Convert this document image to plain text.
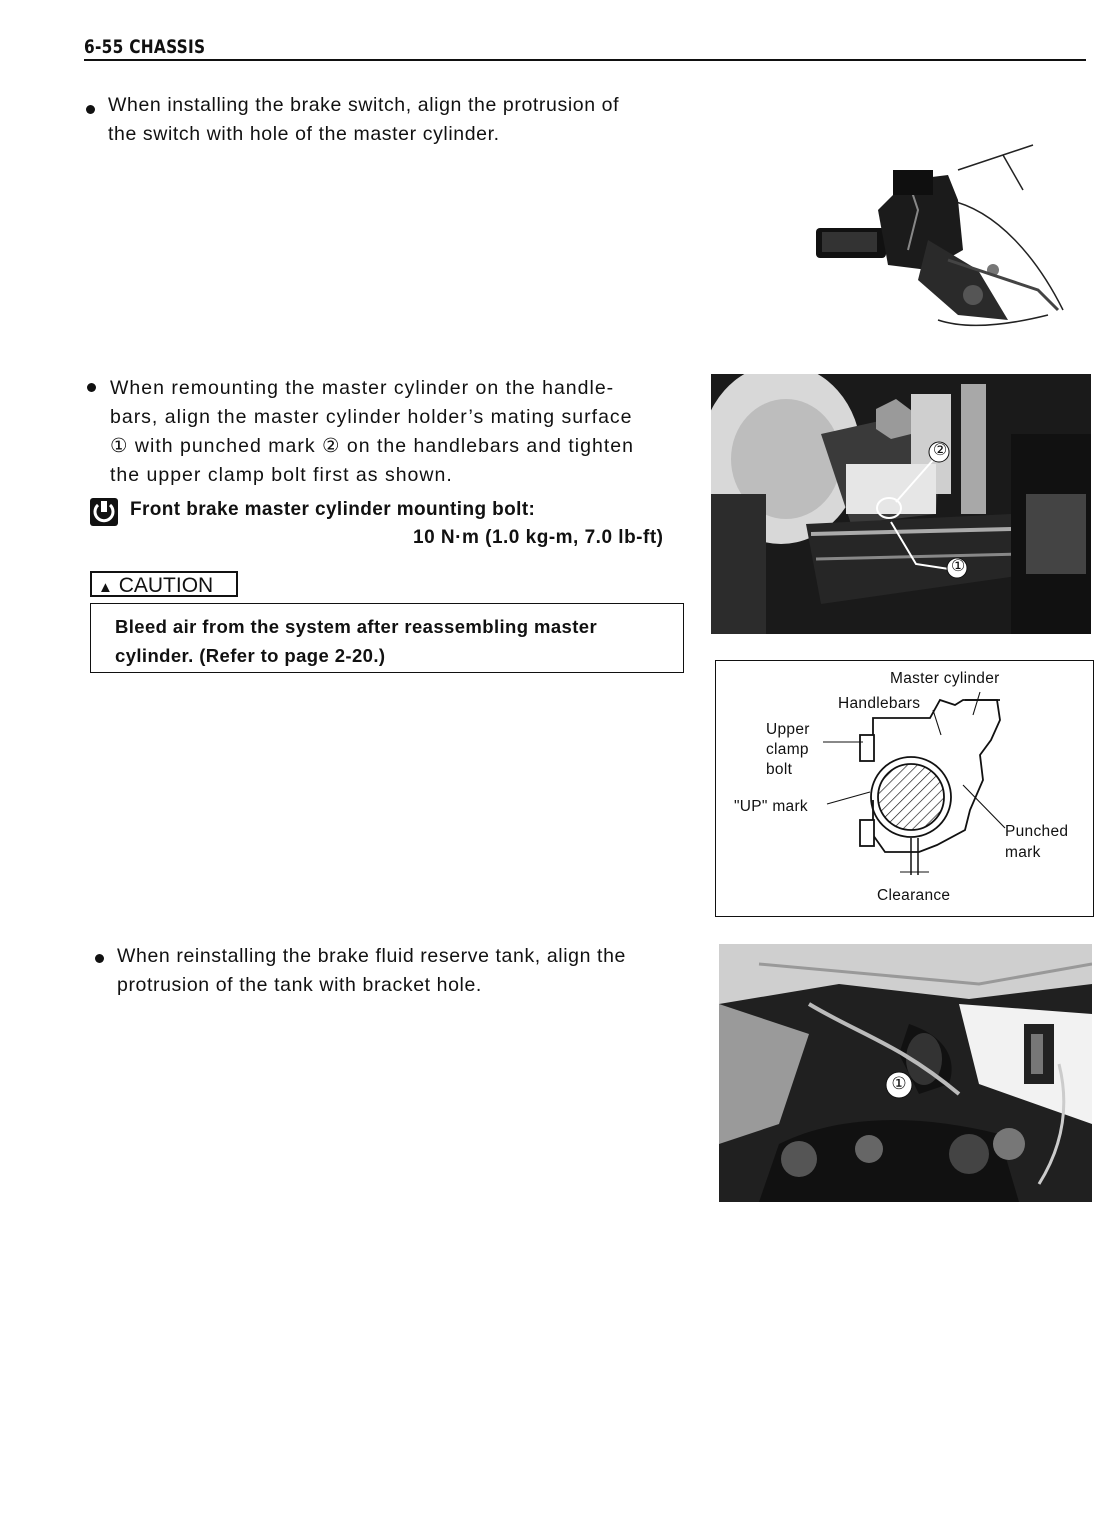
6-55 CHASSIS
When installing the brake switch, align the protrusion of
the switch with hole of the master cylinder.
When remounting the master cylinder on the handle-
bars, align the master cylinder holder’s mating surface
① with punched mark ② on the handlebars and tighten
the upper clamp bolt first as shown.
Front brake master cylinder mounting bolt:
10 N·m (1.0 kg-m, 7.0 lb-ft)
▲ CAUTION
Bleed air from the system after reassembling master
cylinder. (Refer to page 2-20.)
②
①
Master cylinder
Handlebars
Upper
clamp
bolt
"UP" mark
Punched
mark
Clearance
When reinstalling the brake fluid reserve tank, align the
protrusion of the tank with bracket hole.
①
